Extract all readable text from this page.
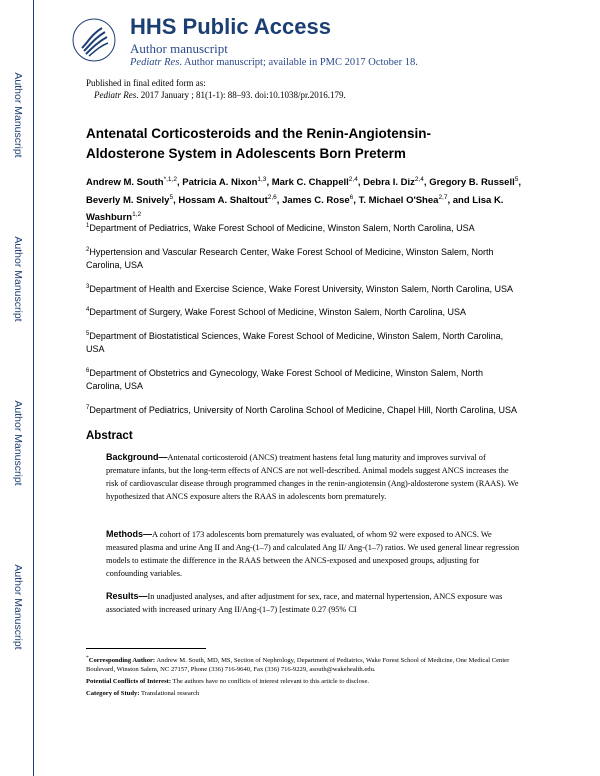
HHS Public Access
Author manuscript
Pediatr Res. Author manuscript; available in PMC 2017 October 18.
Author Manuscript
Author Manuscript
Author Manuscript
Author Manuscript
Published in final edited form as:
Pediatr Res. 2017 January ; 81(1-1): 88–93. doi:10.1038/pr.2016.179.
Antenatal Corticosteroids and the Renin-Angiotensin-
Aldosterone System in Adolescents Born Preterm
Andrew M. South$^{*,1,2}$, Patricia A. Nixon$^{1,3}$, Mark C. Chappell$^{2,4}$, Debra I. Diz$^{2,4}$, Gregory B. Russell$^5$, Beverly M. Snively$^5$, Hossam A. Shaltout$^{2,6}$, James C. Rose$^6$, T. Michael O'Shea$^{2,7}$, and Lisa K. Washburn$^{1,2}$
$^1$Department of Pediatrics, Wake Forest School of Medicine, Winston Salem, North Carolina, USA
$^2$Hypertension and Vascular Research Center, Wake Forest School of Medicine, Winston Salem, North Carolina, USA
$^3$Department of Health and Exercise Science, Wake Forest University, Winston Salem, North Carolina, USA
$^4$Department of Surgery, Wake Forest School of Medicine, Winston Salem, North Carolina, USA
$^5$Department of Biostatistical Sciences, Wake Forest School of Medicine, Winston Salem, North Carolina, USA
$^6$Department of Obstetrics and Gynecology, Wake Forest School of Medicine, Winston Salem, North Carolina, USA
$^7$Department of Pediatrics, University of North Carolina School of Medicine, Chapel Hill, North Carolina, USA
Abstract
Background—Antenatal corticosteroid (ANCS) treatment hastens fetal lung maturity and improves survival of premature infants, but the long-term effects of ANCS are not well-described. Animal models suggest ANCS increases the risk of cardiovascular disease through programmed changes in the renin-angiotensin (Ang)-aldosterone system (RAAS). We hypothesized that ANCS exposure alters the RAAS in adolescents born prematurely.
Methods—A cohort of 173 adolescents born prematurely was evaluated, of whom 92 were exposed to ANCS. We measured plasma and urine Ang II and Ang-(1–7) and calculated Ang II/ Ang-(1–7) ratios. We used general linear regression models to estimate the difference in the RAAS between the ANCS-exposed and unexposed groups, adjusting for confounding variables.
Results—In unadjusted analyses, and after adjustment for sex, race, and maternal hypertension, ANCS exposure was associated with increased urinary Ang II/Ang-(1–7) [estimate 0.27 (95% CI
*Corresponding Author: Andrew M. South, MD, MS, Section of Nephrology, Department of Pediatrics, Wake Forest School of Medicine, One Medical Center Boulevard, Winston Salem, NC 27157, Phone (336) 716-9640, Fax (336) 716-9229, asouth@wakehealth.edu.
Potential Conflicts of Interest: The authors have no conflicts of interest relevant to this article to disclose.
Category of Study: Translational research
